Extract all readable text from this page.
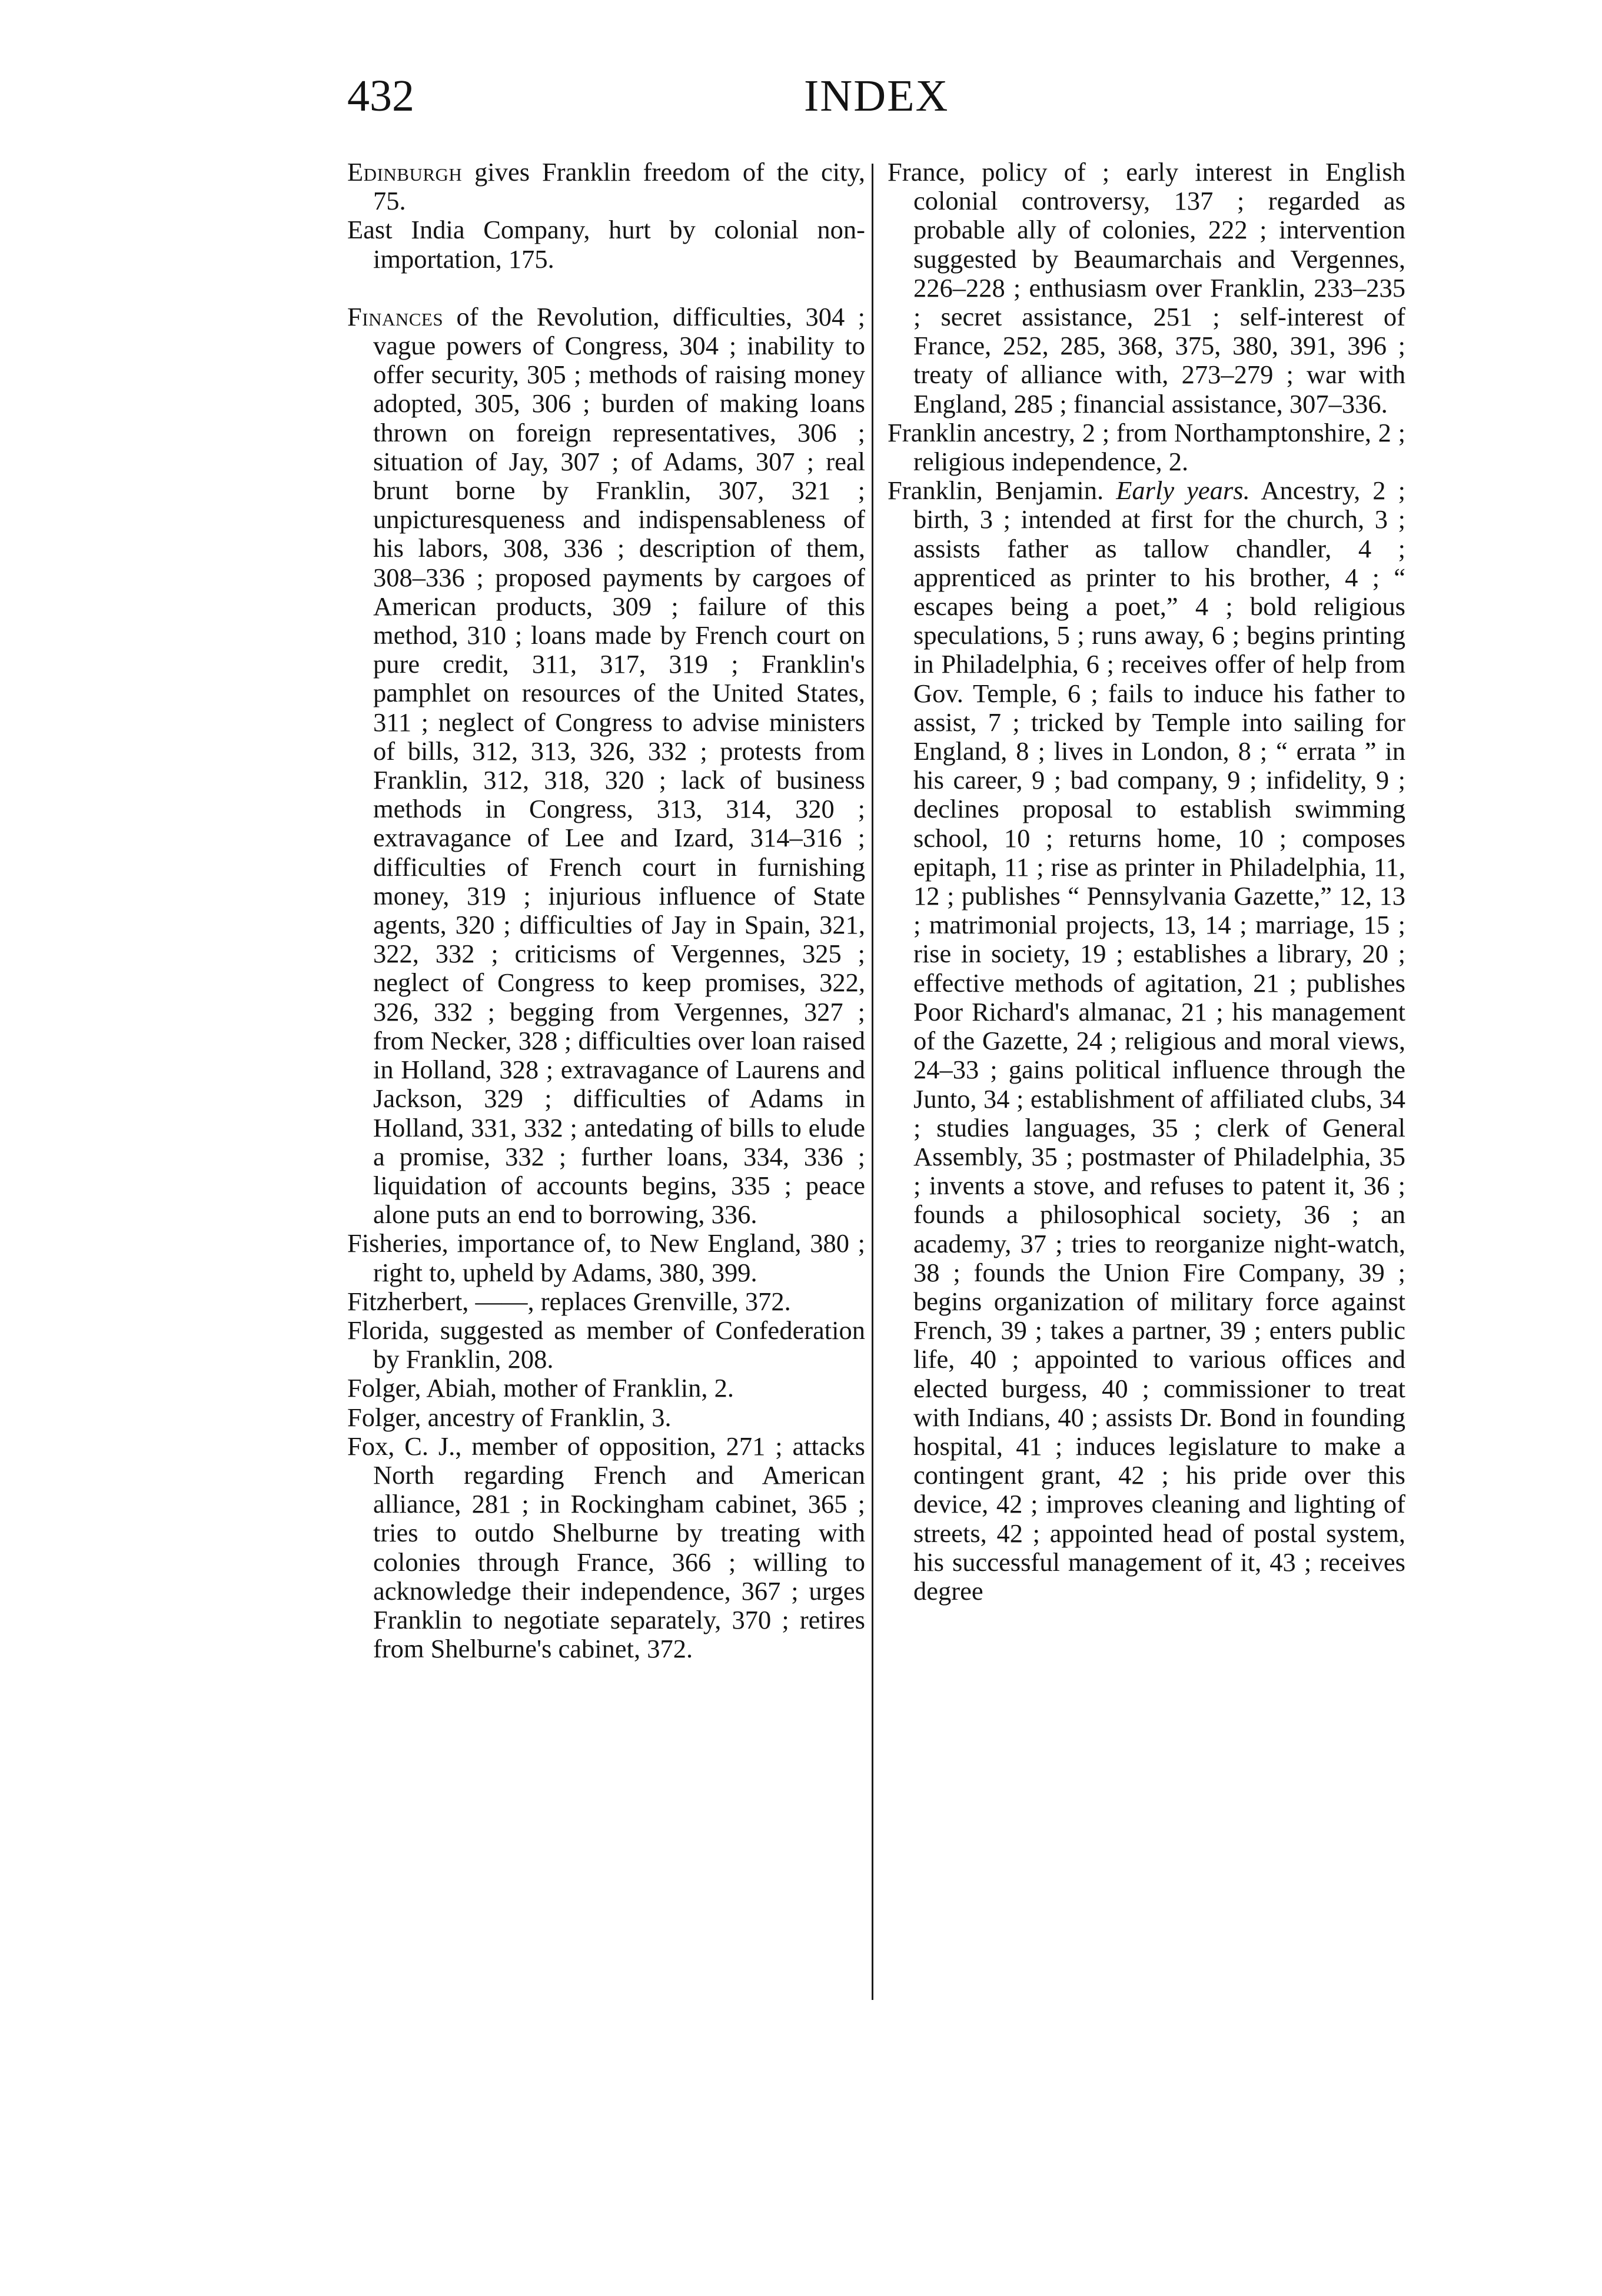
432	INDEX

Edinburgh gives Franklin freedom of the city, 75.

East India Company, hurt by colonial non-importation, 175.

Finances of the Revolution, difficulties, 304 ; vague powers of Congress, 304 ; inability to offer security, 305 ; methods of raising money adopted, 305, 306 ; burden of making loans thrown on foreign representatives, 306 ; situation of Jay, 307 ; of Adams, 307 ; real brunt borne by Franklin, 307, 321 ; unpicturesqueness and indispensableness of his labors, 308, 336 ; description of them, 308–336 ; proposed payments by cargoes of American products, 309 ; failure of this method, 310 ; loans made by French court on pure credit, 311, 317, 319 ; Franklin's pamphlet on resources of the United States, 311 ; neglect of Congress to advise ministers of bills, 312, 313, 326, 332 ; protests from Franklin, 312, 318, 320 ; lack of business methods in Congress, 313, 314, 320 ; extravagance of Lee and Izard, 314–316 ; difficulties of French court in furnishing money, 319 ; injurious influence of State agents, 320 ; difficulties of Jay in Spain, 321, 322, 332 ; criticisms of Vergennes, 325 ; neglect of Congress to keep promises, 322, 326, 332 ; begging from Vergennes, 327 ; from Necker, 328 ; difficulties over loan raised in Holland, 328 ; extravagance of Laurens and Jackson, 329 ; difficulties of Adams in Holland, 331, 332 ; antedating of bills to elude a promise, 332 ; further loans, 334, 336 ; liquidation of accounts begins, 335 ; peace alone puts an end to borrowing, 336.

Fisheries, importance of, to New England, 380 ; right to, upheld by Adams, 380, 399.

Fitzherbert, ——, replaces Grenville, 372.

Florida, suggested as member of Confederation by Franklin, 208.

Folger, Abiah, mother of Franklin, 2.

Folger, ancestry of Franklin, 3.

Fox, C. J., member of opposition, 271 ; attacks North regarding French and American alliance, 281 ; in Rockingham cabinet, 365 ; tries to outdo Shelburne by treating with colonies through France, 366 ; willing to acknowledge their independence, 367 ; urges Franklin to negotiate separately, 370 ; retires from Shelburne's cabinet, 372.

France, policy of ; early interest in English colonial controversy, 137 ; regarded as probable ally of colonies, 222 ; intervention suggested by Beaumarchais and Vergennes, 226–228 ; enthusiasm over Franklin, 233–235 ; secret assistance, 251 ; self-interest of France, 252, 285, 368, 375, 380, 391, 396 ; treaty of alliance with, 273–279 ; war with England, 285 ; financial assistance, 307–336.

Franklin ancestry, 2 ; from Northamptonshire, 2 ; religious independence, 2.

Franklin, Benjamin. Early years. Ancestry, 2 ; birth, 3 ; intended at first for the church, 3 ; assists father as tallow chandler, 4 ; apprenticed as printer to his brother, 4 ; “ escapes being a poet,” 4 ; bold religious speculations, 5 ; runs away, 6 ; begins printing in Philadelphia, 6 ; receives offer of help from Gov. Temple, 6 ; fails to induce his father to assist, 7 ; tricked by Temple into sailing for England, 8 ; lives in London, 8 ; “ errata ” in his career, 9 ; bad company, 9 ; infidelity, 9 ; declines proposal to establish swimming school, 10 ; returns home, 10 ; composes epitaph, 11 ; rise as printer in Philadelphia, 11, 12 ; publishes “ Pennsylvania Gazette,” 12, 13 ; matrimonial projects, 13, 14 ; marriage, 15 ; rise in society, 19 ; establishes a library, 20 ; effective methods of agitation, 21 ; publishes Poor Richard's almanac, 21 ; his management of the Gazette, 24 ; religious and moral views, 24–33 ; gains political influence through the Junto, 34 ; establishment of affiliated clubs, 34 ; studies languages, 35 ; clerk of General Assembly, 35 ; postmaster of Philadelphia, 35 ; invents a stove, and refuses to patent it, 36 ; founds a philosophical society, 36 ; an academy, 37 ; tries to reorganize night-watch, 38 ; founds the Union Fire Company, 39 ; begins organization of military force against French, 39 ; takes a partner, 39 ; enters public life, 40 ; appointed to various offices and elected burgess, 40 ; commissioner to treat with Indians, 40 ; assists Dr. Bond in founding hospital, 41 ; induces legislature to make a contingent grant, 42 ; his pride over this device, 42 ; improves cleaning and lighting of streets, 42 ; appointed head of postal system, his successful management of it, 43 ; receives degree
